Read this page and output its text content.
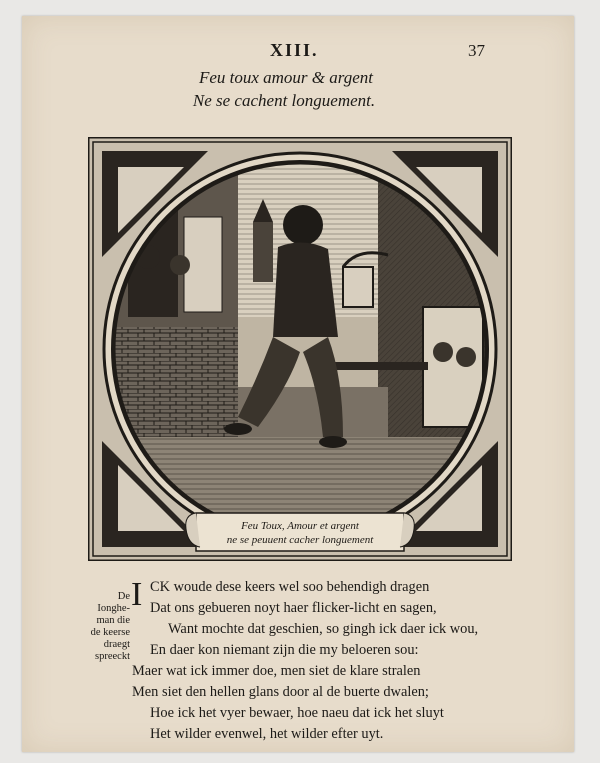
XIII.	37
Feu toux amour & argent
Ne se cachent longuement.
Feu Toux, Amour et argent
ne se peuuent cacher longuement
De
Ionghe-
man die
de keerse
draegt
spreeckt
I CK woude dese keers wel soo behendigh dragen
Dat ons gebueren noyt haer flicker-licht en sagen,
Want mochte dat geschien, so gingh ick daer ick wou,
En daer kon niemant zijn die my beloeren sou:
Maer wat ick immer doe, men siet de klare stralen
Men siet den hellen glans door al de buerte dwalen;
Hoe ick het vyer bewaer, hoe naeu dat ick het sluyt
Het wilder evenwel, het wilder efter uyt.
